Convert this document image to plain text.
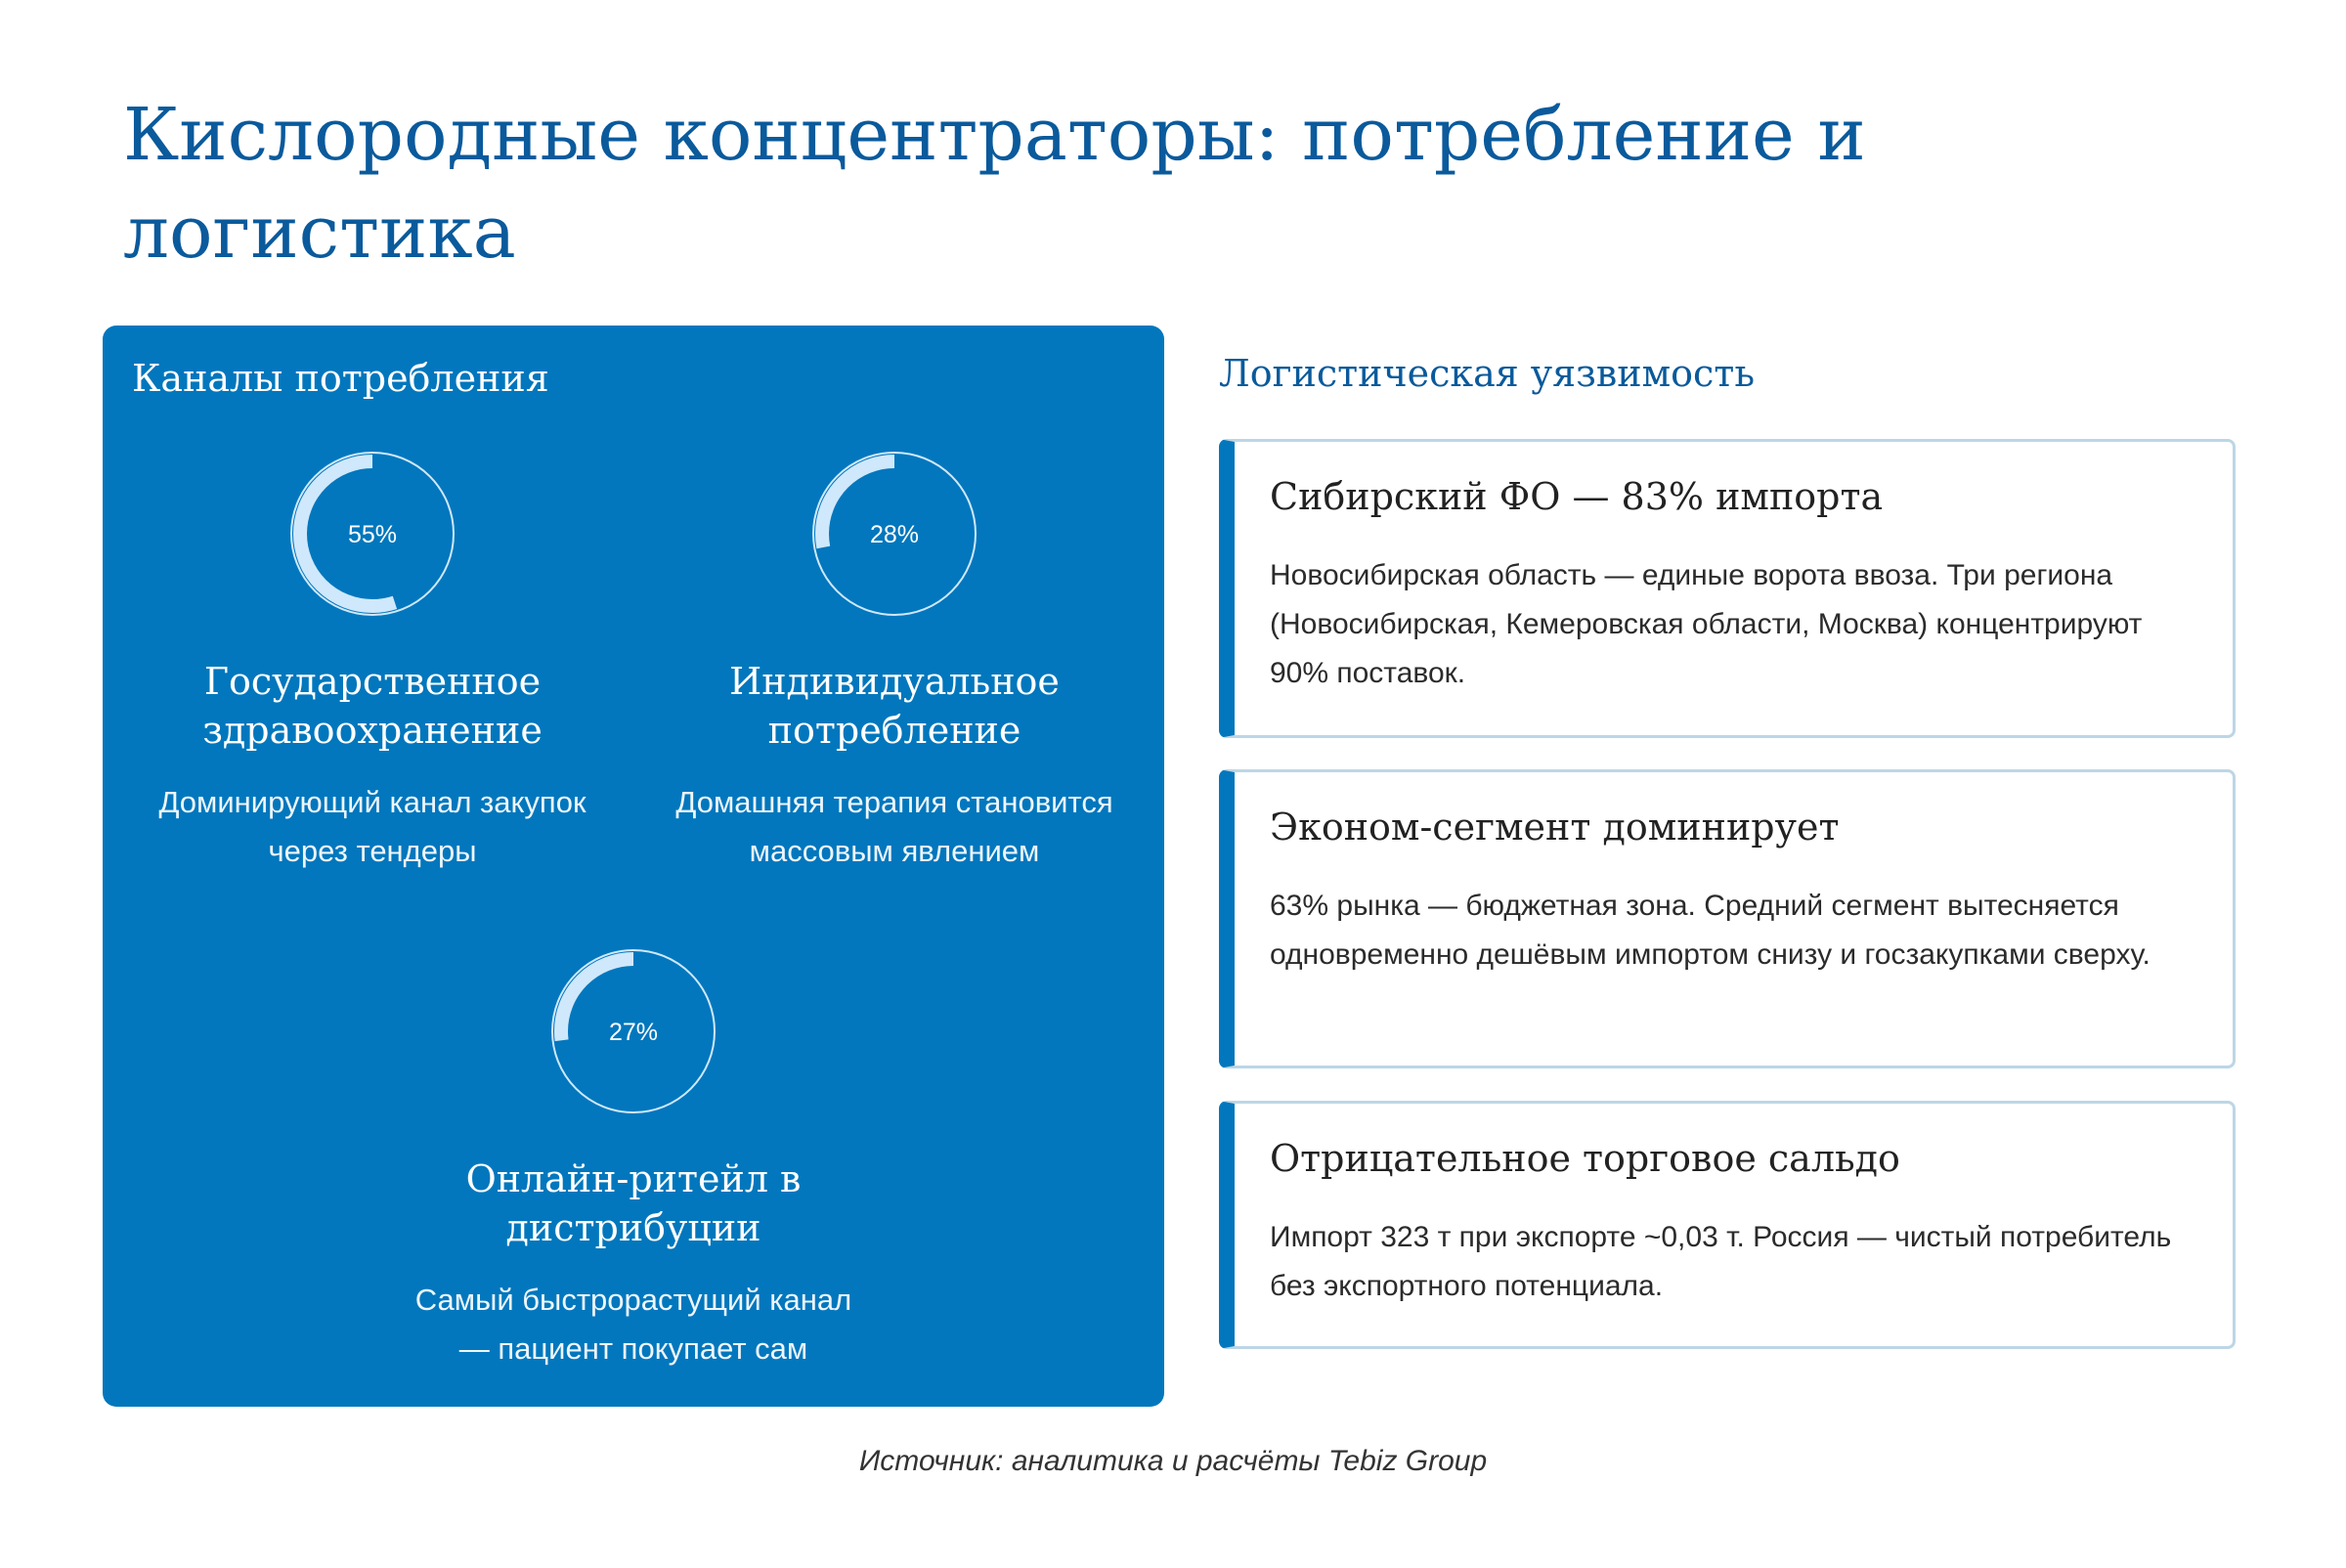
Кислородные концентраторы: потребление и логистика
Каналы потребления
55%
Государственное
здравоохранение
Доминирующий канал закупок
через тендеры
28%
Индивидуальное
потребление
Домашняя терапия становится
массовым явлением
27%
Онлайн-ритейл в
дистрибуции
Самый быстрорастущий канал
— пациент покупает сам
Логистическая уязвимость
Сибирский ФО — 83% импорта
Новосибирская область — единые ворота ввоза. Три региона (Новосибирская, Кемеровская области, Москва) концентрируют 90% поставок.
Эконом-сегмент доминирует
63% рынка — бюджетная зона. Средний сегмент вытесняется одновременно дешёвым импортом снизу и госзакупками сверху.
Отрицательное торговое сальдо
Импорт 323 т при экспорте ~0,03 т. Россия — чистый потребитель без экспортного потенциала.
Источник: аналитика и расчёты Tebiz Group
